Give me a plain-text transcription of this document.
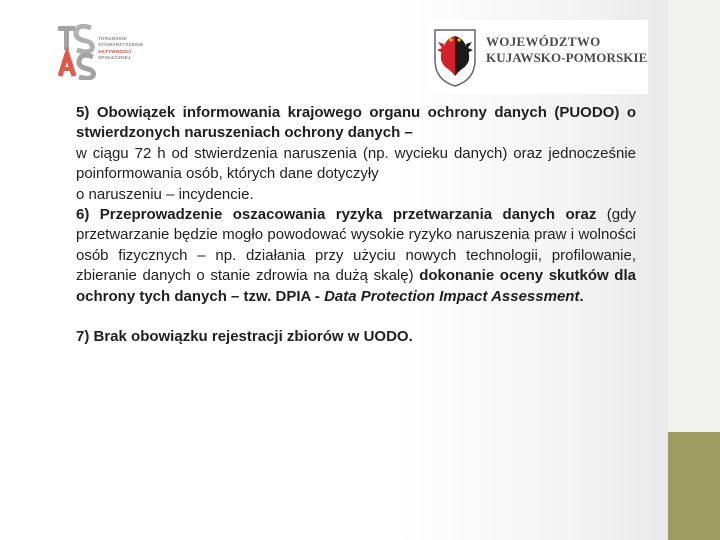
TORUŃSKIE
STOWARZYSZENIE
AKTYWNOŚCI
SPOŁECZNEJ
WOJEWÓDZTWO
KUJAWSKO-POMORSKIE

5) Obowiązek informowania krajowego organu ochrony danych (PUODO) o stwierdzonych naruszeniach ochrony danych –

w ciągu 72 h od stwierdzenia naruszenia (np. wycieku danych) oraz jednocześnie poinformowania osób, których dane dotyczyły

o naruszeniu – incydencie.

6) Przeprowadzenie oszacowania ryzyka przetwarzania danych oraz (gdy przetwarzanie będzie mogło powodować wysokie ryzyko naruszenia praw i wolności osób fizycznych – np. działania przy użyciu nowych technologii, profilowanie, zbieranie danych o stanie zdrowia na dużą skalę) dokonanie oceny skutków dla ochrony tych danych – tzw. DPIA - Data Protection Impact Assessment.

7) Brak obowiązku rejestracji zbiorów w UODO.
